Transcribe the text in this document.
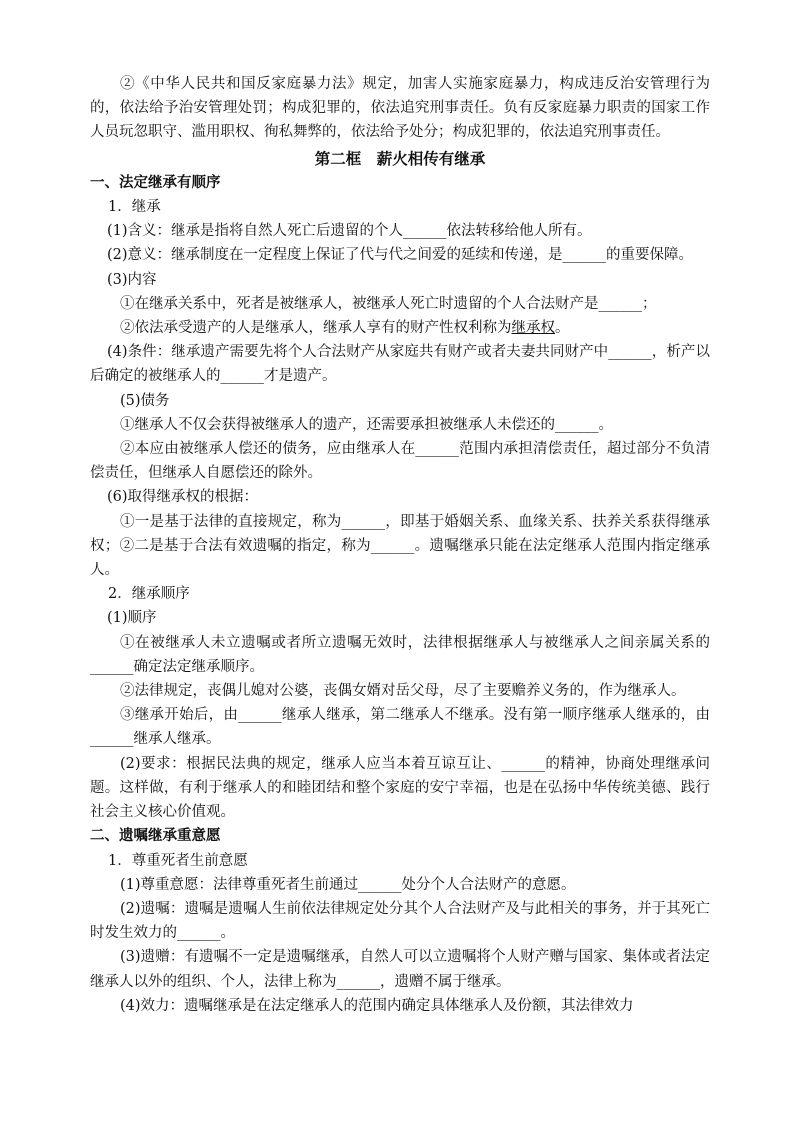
②《中华人民共和国反家庭暴力法》规定，加害人实施家庭暴力，构成违反治安管理行为的，依法给予治安管理处罚；构成犯罪的，依法追究刑事责任。负有反家庭暴力职责的国家工作人员玩忽职守、滥用职权、徇私舞弊的，依法给予处分；构成犯罪的，依法追究刑事责任。

第二框　薪火相传有继承

一、法定继承有顺序

1．继承

(1)含义：继承是指将自然人死亡后遗留的个人______依法转移给他人所有。

(2)意义：继承制度在一定程度上保证了代与代之间爱的延续和传递，是______的重要保障。

(3)内容

①在继承关系中，死者是被继承人，被继承人死亡时遗留的个人合法财产是______；

②依法承受遗产的人是继承人，继承人享有的财产性权利称为继承权。

(4)条件：继承遗产需要先将个人合法财产从家庭共有财产或者夫妻共同财产中______，析产以后确定的被继承人的______才是遗产。

(5)债务

①继承人不仅会获得被继承人的遗产，还需要承担被继承人未偿还的______。

②本应由被继承人偿还的债务，应由继承人在______范围内承担清偿责任，超过部分不负清偿责任，但继承人自愿偿还的除外。

(6)取得继承权的根据：

①一是基于法律的直接规定，称为______，即基于婚姻关系、血缘关系、扶养关系获得继承权；②二是基于合法有效遗嘱的指定，称为______。遗嘱继承只能在法定继承人范围内指定继承人。

2．继承顺序

(1)顺序

①在被继承人未立遗嘱或者所立遗嘱无效时，法律根据继承人与被继承人之间亲属关系的______确定法定继承顺序。

②法律规定，丧偶儿媳对公婆，丧偶女婿对岳父母，尽了主要赡养义务的，作为继承人。

③继承开始后，由______继承人继承，第二继承人不继承。没有第一顺序继承人继承的，由______继承人继承。

(2)要求：根据民法典的规定，继承人应当本着互谅互让、______的精神，协商处理继承问题。这样做，有利于继承人的和睦团结和整个家庭的安宁幸福，也是在弘扬中华传统美德、践行社会主义核心价值观。

二、遗嘱继承重意愿

1．尊重死者生前意愿

(1)尊重意愿：法律尊重死者生前通过______处分个人合法财产的意愿。

(2)遗嘱：遗嘱是遗嘱人生前依法律规定处分其个人合法财产及与此相关的事务，并于其死亡时发生效力的______。

(3)遗赠：有遗嘱不一定是遗嘱继承，自然人可以立遗嘱将个人财产赠与国家、集体或者法定继承人以外的组织、个人，法律上称为______，遗赠不属于继承。

(4)效力：遗嘱继承是在法定继承人的范围内确定具体继承人及份额，其法律效力
